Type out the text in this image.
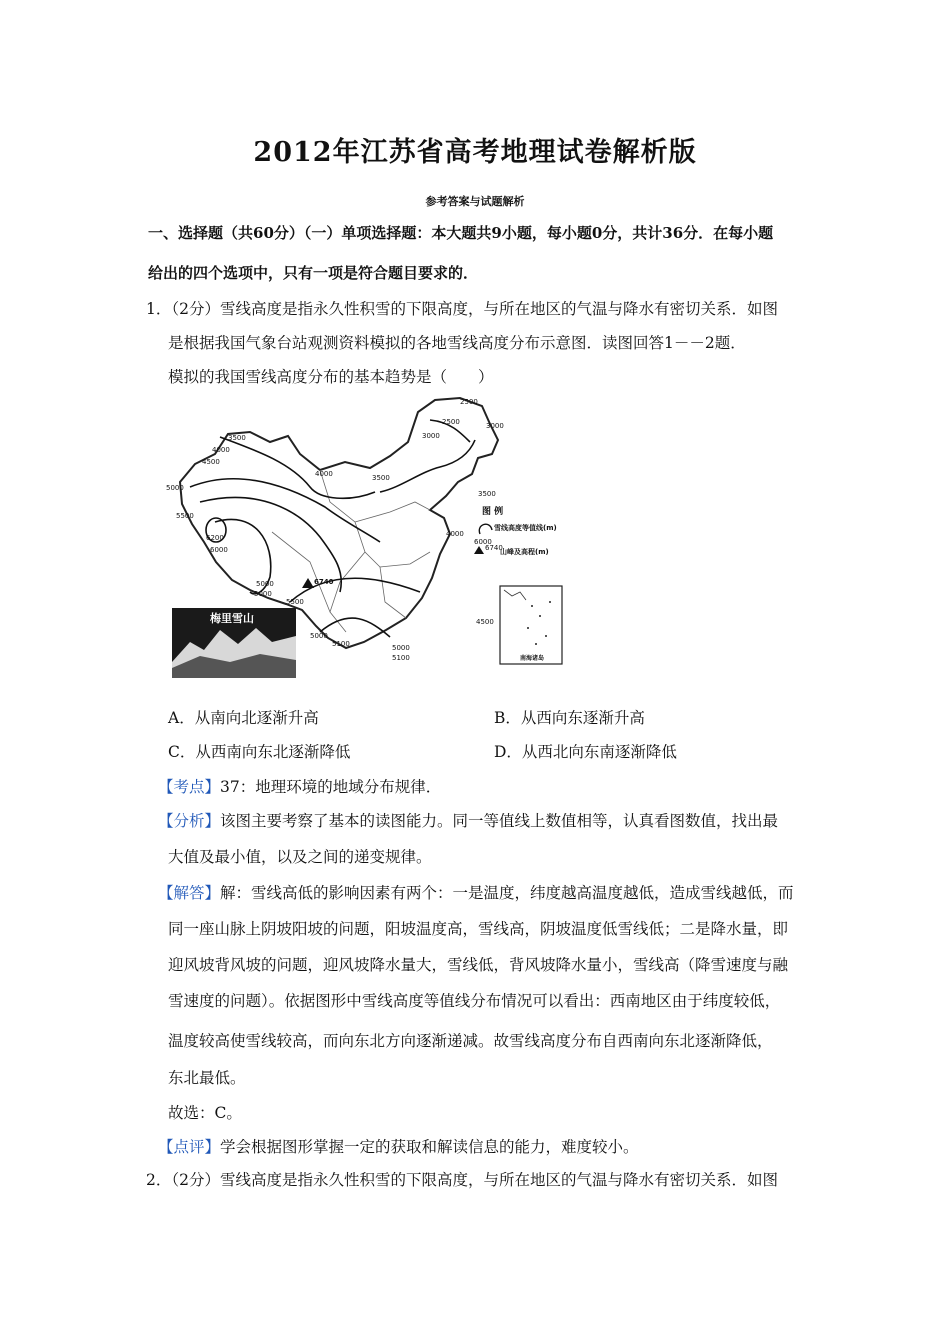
2012年江苏省高考地理试卷解析版
参考答案与试题解析
一、选择题（共60分）（一）单项选择题：本大题共9小题，每小题0分，共计36分．在每小题
给出的四个选项中，只有一项是符合题目要求的．
1．（2分）雪线高度是指永久性积雪的下限高度，与所在地区的气温与降水有密切关系．如图
是根据我国气象台站观测资料模拟的各地雪线高度分布示意图．读图回答1－－2题．
模拟的我国雪线高度分布的基本趋势是（　　）
2500
2500
3000
3000
3500
4000
4500
3500
4000
3500
5000
5500
6200
6000
5000	6740
4000
5500
5000
5000
4500
5100	5000
5100
图 例
6000
雪线高度等值线(m)
6740
山峰及高程(m)
梅里雪山
南海诸岛
A．从南向北逐渐升高	B．从西向东逐渐升高
C．从西南向东北逐渐降低	D．从西北向东南逐渐降低
【考点】37：地理环境的地域分布规律．
【分析】该图主要考察了基本的读图能力。同一等值线上数值相等，认真看图数值，找出最
大值及最小值，以及之间的递变规律。
【解答】解：雪线高低的影响因素有两个：一是温度，纬度越高温度越低，造成雪线越低，而
同一座山脉上阴坡阳坡的问题，阳坡温度高，雪线高，阴坡温度低雪线低；二是降水量，即
迎风坡背风坡的问题，迎风坡降水量大，雪线低，背风坡降水量小，雪线高（降雪速度与融
雪速度的问题）。依据图形中雪线高度等值线分布情况可以看出：西南地区由于纬度较低，
温度较高使雪线较高，而向东北方向逐渐递减。故雪线高度分布自西南向东北逐渐降低，
东北最低。
故选：C。
【点评】学会根据图形掌握一定的获取和解读信息的能力，难度较小。
2．（2分）雪线高度是指永久性积雪的下限高度，与所在地区的气温与降水有密切关系．如图
